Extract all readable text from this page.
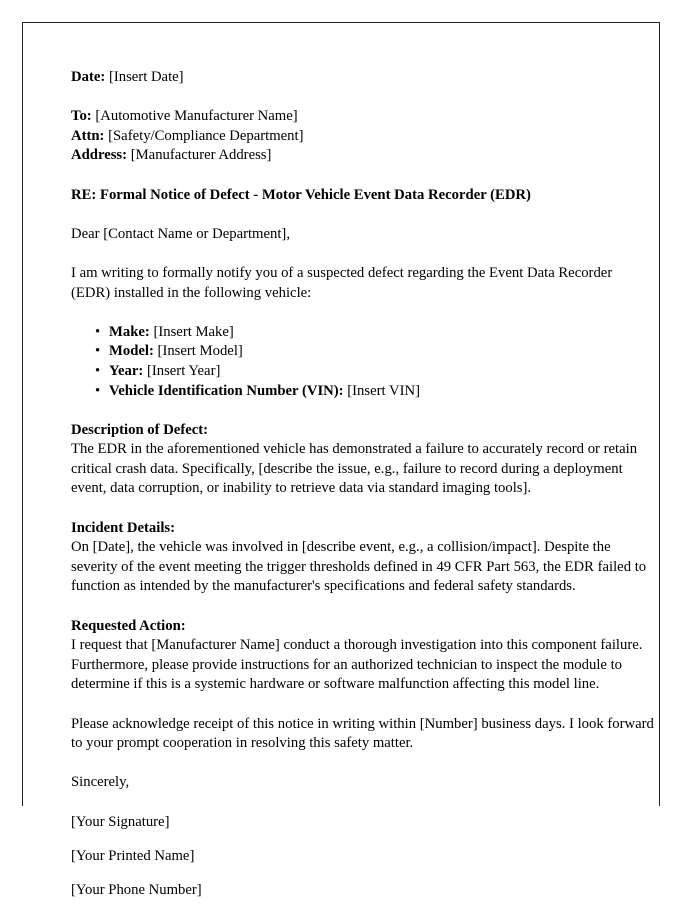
Date: [Insert Date]

To: [Automotive Manufacturer Name]

Attn: [Safety/Compliance Department]

Address: [Manufacturer Address]

RE: Formal Notice of Defect - Motor Vehicle Event Data Recorder (EDR)

Dear [Contact Name or Department],

I am writing to formally notify you of a suspected defect regarding the Event Data Recorder (EDR) installed in the following vehicle:

• Make: [Insert Make]
• Model: [Insert Model]
• Year: [Insert Year]
• Vehicle Identification Number (VIN): [Insert VIN]

Description of Defect:

The EDR in the aforementioned vehicle has demonstrated a failure to accurately record or retain critical crash data. Specifically, [describe the issue, e.g., failure to record during a deployment event, data corruption, or inability to retrieve data via standard imaging tools].

Incident Details:

On [Date], the vehicle was involved in [describe event, e.g., a collision/impact]. Despite the severity of the event meeting the trigger thresholds defined in 49 CFR Part 563, the EDR failed to function as intended by the manufacturer's specifications and federal safety standards.

Requested Action:

I request that [Manufacturer Name] conduct a thorough investigation into this component failure. Furthermore, please provide instructions for an authorized technician to inspect the module to determine if this is a systemic hardware or software malfunction affecting this model line.

Please acknowledge receipt of this notice in writing within [Number] business days. I look forward to your prompt cooperation in resolving this safety matter.

Sincerely,

[Your Signature]

[Your Printed Name]

[Your Phone Number]
